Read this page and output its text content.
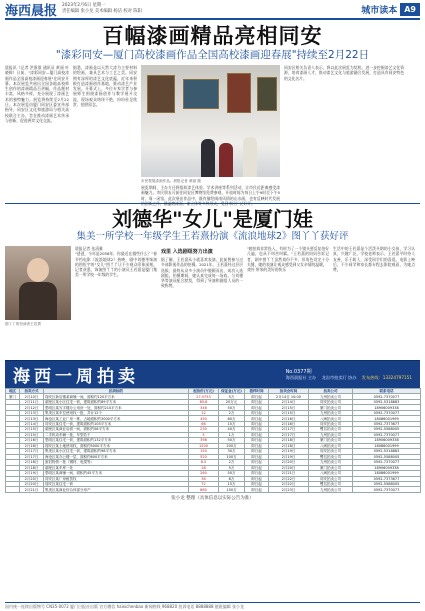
海西晨报 2023年2月6日 星期一
责任编辑 张小龙 美术编辑 杨洁 校对 陈阳	城市读本 A9
百幅漆画精品亮相同安
"漆彩同安—厦门高校漆画作品全国高校漆画迎春展"持续至2月22日
晨报讯（记者 洪淮淮 通讯员 黄丽 叶晓辉）日前，"漆彩同安—厦门高校漆画作品全国高校漆画迎春展"在同安开幕。本次展览共展出全国各地高校师生创作的漆画精品百余幅，作品题材丰富，风格多样，充分展现了漆画艺术的独特魅力。展览将持续至2月22日。本次展览由厦门同安区委宣传部指导，同安区文化和旅游局与相关高校联合主办，旨在推动漆画艺术传承与创新，促进两岸文化交流。
据悉，漆画是以天然大漆为主要材料的绘画，兼具艺术与工艺之美。同安拥有深厚的漆艺文化底蕴，近年来积极打造漆画创作基地，推动漆艺产业发展。开幕式上，多位专家学者与参展师生围绕漆画创作与教学展开交流，现场观众络绎不绝，纷纷驻足欣赏、拍照留念。
市民观展漆画作品。晨报记者 黄丽 摄
展览期间，主办方还将组织漆艺体验、学术讲座等系列活动，让市民近距离感受漆画魅力。市民朋友可前往同安区博物馆免费参观，开放时间为每日上午9时至下午5时，周一闭馆。此次展出作品中，既有描绘闽南风情的山水画，也有反映时代发展的创新之作，涵盖磨漆画、漆立体等多种形式，受到市民广泛好评。
同安区相关负责人表示，将以此次展览为契机，进一步挖掘漆艺文化资源，培育漆画人才，推动漆艺文化与旅游融合发展，打造具有同安特色的文化名片。
刘德华"女儿"是厦门娃
集美一所学校一年级学生王若熹扮演《流浪地球2》图丫丫获好评
图丫丫的扮演者王若熹
晨报记者 张清雅
"爸爸，今年是2058年，你最近在做些什么？"春节档电影《流浪地球2》热映，剧中刘德华饰演的图恒宇的"女儿"图丫丫让不少观众印象深刻。记者获悉，饰演图丫丫的小演员王若熹是厦门集美一所学校一年级的学生。
戏里 入选剧组努力出演
据了解，王若熹从小就喜欢表演，此前曾参与过多部影视作品的拍摄。2021年，王若熹经过层层选拔，最终从众多小演员中脱颖而出，成功入选剧组。拍摄期间，她认真完成每一场戏，与刘德华等演员配合默契，得到了导演和剧组人员的一致称赞。
"她拍戏非常投入，有时为了一个镜头要反复拍好几遍，也从不叫苦叫累。"王若熹的妈妈告诉记者，剧中图丫丫虽然戏份不多，但角色设定十分关键，她的表演让观众感受到父女亲情的温暖。
戏外 带来的美好的快乐
生活中的王若熹是个活泼开朗的小女孩，学习认真，兴趣广泛。学校老师表示，王若熹平时待人友善，乐于助人，深受同学们的喜爱。电影上映后，不少同学和家长都专程去影院观看，为她点赞。
海西一周拍卖	No.0377期
海西晨报社 主办 龙岩市拍卖行 协办 发布热线：13324797151
地区	拍卖方式	拍卖标的	起拍价(万元)	保证金(万元)	看样时间	拍卖会时间	拍卖公司	联系电话
厦门	2月10日	翔安区新店镇某商铺一间，面积约120平方米	27.0753	5万	即日起	2月14日 10:00	九州拍卖公司	0592-7370077
	2月11日	湖里区某小区住宅一套，建筑面积约89平方米	85.8	20万元	即日起	2月14日	同安拍卖公司	0592-5318883
	2月12日	思明区某写字楼办公用房一处，面积约210平方米	346	50万	即日起	2月15日	厦门拍卖公司	18906009338
	2月13日	集美区某车位使用权一批，共计12个	12	2万	即日起	2月15日	九州拍卖公司	0592-7370077
	2月13日	海沧区某工业厂房一栋，占地面积约3000平方米	450	80万	即日起	2月16日	八闽拍卖公司	18086001999
	2月14日	同安区某住宅一套，建筑面积约105平方米	66	15万	即日起	2月16日	同安拍卖公司	0592-7373677
	2月15日	湖里区某商业店面一间，面积约56平方米	230	40万	即日起	2月17日	鹭岛拍卖公司	0592-5588005
	2月15日	二手机动车辆一批，车型若干	5	1万	即日起	2月17日	九州拍卖公司	0592-7370077
	2月16日	思明区某住宅一套，建筑面积约132平方米	398	50万	即日起	2月18日	厦门拍卖公司	18906009338
	2月16日	翔安区某土地使用权，面积约5000平方米	1200	200万	即日起	2月18日	八闽拍卖公司	18086001999
	2月17日	集美区某小区住宅一套，建筑面积约98平方米	150	30万	即日起	2月19日	同安拍卖公司	0592-5318883
	2月17日	海沧区某办公楼一层，面积约600平方米	520	100万	即日起	2月19日	鹭岛拍卖公司	0592-5588005
	2月18日	废旧物资一批（钢材、电缆等）	8.5	2万	即日起	2月20日	九州拍卖公司	0592-7370077
	2月18日	湖里区某车库一处	18	5万	即日起	2月20日	厦门拍卖公司	18906009338
	2月19日	思明区某商铺一间，面积约45平方米	260	50万	即日起	2月21日	八闽拍卖公司	18086001999
	2月20日	同安区某厂房租赁权	36	8万	即日起	2月22日	同安拍卖公司	0592-7373677
	2月20日	翔安区某住宅一套	72	15万	即日起	2月22日	鹭岛拍卖公司	0592-5588005
	2月21日	集美区某商业综合体部分房产	880	150万	即日起	2月23日	九州拍卖公司	0592-7370077
张小龙 整理（具体信息以实际公告为准）
国内统一连续出版物号 CN35-0072 厦门日报社出版 官方微信 haixichenbao 新闻热线 968820 投诉电话 8888888 值班编辑 张小龙
